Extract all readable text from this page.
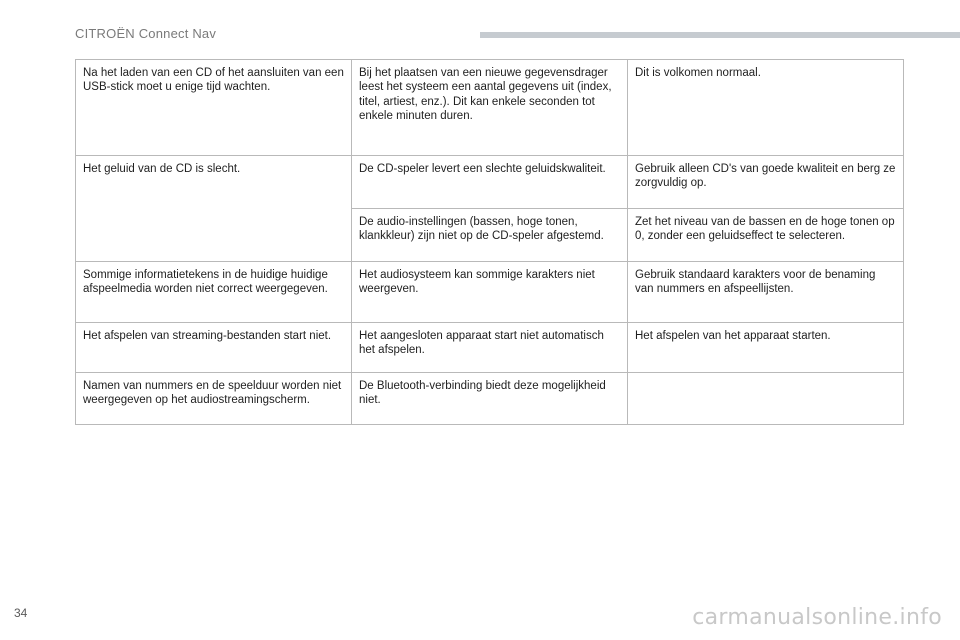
CITROËN Connect Nav
Na het laden van een CD of het aansluiten van een USB-stick moet u enige tijd wachten.	Bij het plaatsen van een nieuwe gegevensdrager leest het systeem een aantal gegevens uit (index, titel, artiest, enz.). Dit kan enkele seconden tot enkele minuten duren.	Dit is volkomen normaal.
Het geluid van de CD is slecht.	De CD-speler levert een slechte geluidskwaliteit.	Gebruik alleen CD's van goede kwaliteit en berg ze zorgvuldig op.
	De audio-instellingen (bassen, hoge tonen, klankkleur) zijn niet op de CD-speler afgestemd.	Zet het niveau van de bassen en de hoge tonen op 0, zonder een geluidseffect te selecteren.
Sommige informatietekens in de huidige huidige afspeelmedia worden niet correct weergegeven.	Het audiosysteem kan sommige karakters niet weergeven.	Gebruik standaard karakters voor de benaming van nummers en afspeellijsten.
Het afspelen van streaming-bestanden start niet.	Het aangesloten apparaat start niet automatisch het afspelen.	Het afspelen van het apparaat starten.
Namen van nummers en de speelduur worden niet weergegeven op het audiostreamingscherm.	De Bluetooth-verbinding biedt deze mogelijkheid niet.	
34	carmanualsonline.info
